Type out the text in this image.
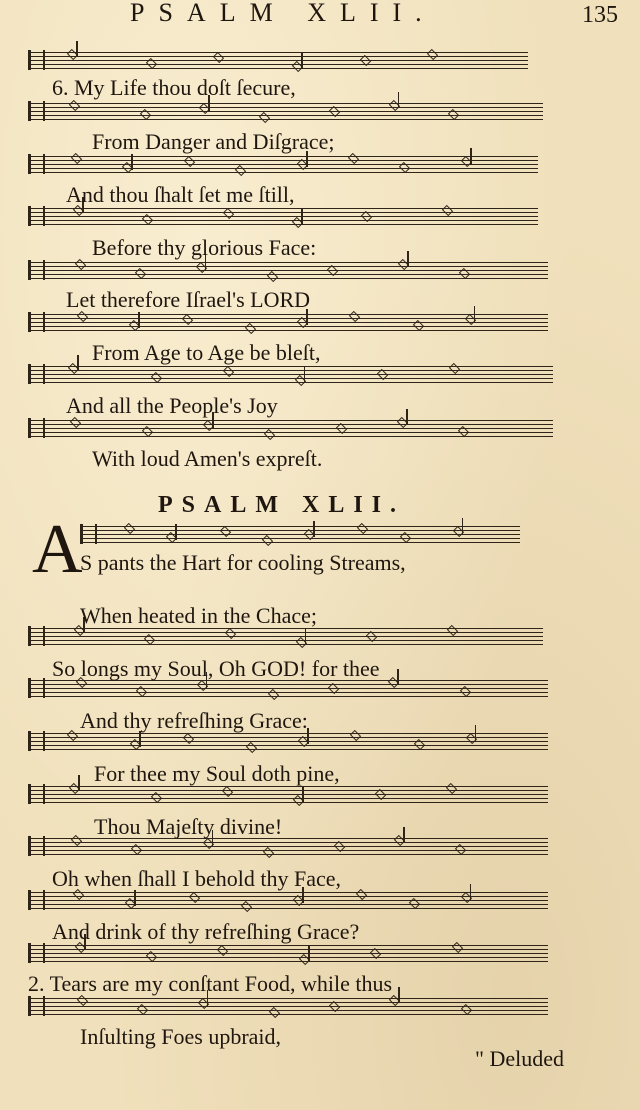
PSALM XLII.	135

6. My Life thou doſt ſecure,

From Danger and Diſgrace;

And thou ſhalt ſet me ſtill,

Before thy glorious Face:

Let therefore Iſrael's LORD

From Age to Age be bleſt,

And all the People's Joy

With loud Amen's expreſt.

PSALM XLII.
A

S pants the Hart for cooling Streams,

When heated in the Chace;

So longs my Soul, Oh GOD! for thee

And thy refreſhing Grace:

For thee my Soul doth pine,

Thou Majeſty divine!

Oh when ſhall I behold thy Face,

And drink of thy refreſhing Grace?

2. Tears are my conſtant Food, while thus

Inſulting Foes upbraid,

" Deluded
